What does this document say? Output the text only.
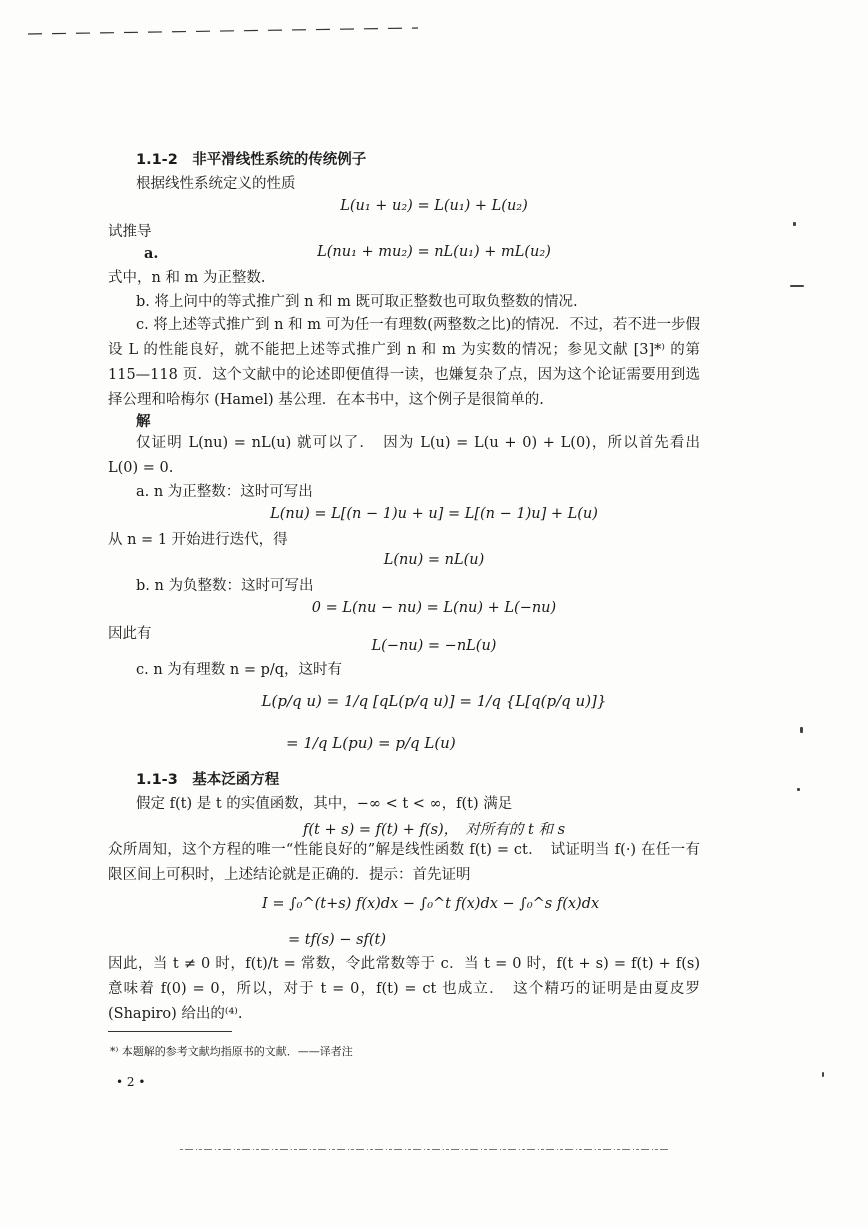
1.1-2　非平滑线性系统的传统例子
根据线性系统定义的性质
L(u₁ + u₂) = L(u₁) + L(u₂)
试推导
a.	L(nu₁ + mu₂) = nL(u₁) + mL(u₂)
式中，n 和 m 为正整数.
b. 将上问中的等式推广到 n 和 m 既可取正整数也可取负整数的情况.
c. 将上述等式推广到 n 和 m 可为任一有理数(两整数之比)的情况．不过，若不进一步假设 L 的性能良好，就不能把上述等式推广到 n 和 m 为实数的情况；参见文献 [3]*⁾ 的第 115—118 页．这个文献中的论述即便值得一读，也嫌复杂了点，因为这个论证需要用到选择公理和哈梅尔 (Hamel) 基公理．在本书中，这个例子是很简单的.
解
仅证明 L(nu) = nL(u) 就可以了．　因为 L(u) = L(u + 0) + L(0)，所以首先看出 L(0) = 0.
a. n 为正整数：这时可写出
L(nu) = L[(n − 1)u + u] = L[(n − 1)u] + L(u)
从 n = 1 开始进行迭代，得
L(nu) = nL(u)
b. n 为负整数：这时可写出
0 = L(nu − nu) = L(nu) + L(−nu)
因此有
L(−nu) = −nL(u)
c. n 为有理数 n = p/q，这时有
L(p/q u) = 1/q [qL(p/q u)] = 1/q {L[q(p/q u)]}
= 1/q L(pu) = p/q L(u)
1.1-3　基本泛函方程
假定 f(t) 是 t 的实值函数，其中，−∞ < t < ∞，f(t) 满足
f(t + s) = f(t) + f(s)，　对所有的 t 和 s
众所周知，这个方程的唯一“性能良好的”解是线性函数 f(t) = ct．　试证明当 f(·) 在任一有限区间上可积时，上述结论就是正确的．提示：首先证明
I = ∫₀^(t+s) f(x)dx − ∫₀^t f(x)dx − ∫₀^s f(x)dx
= tf(s) − sf(t)
因此，当 t ≠ 0 时，f(t)/t = 常数，令此常数等于 c．当 t = 0 时，f(t + s) = f(t) + f(s) 意味着 f(0) = 0，所以，对于 t = 0，f(t) = ct 也成立．　这个精巧的证明是由夏皮罗 (Shapiro) 给出的⁽⁴⁾.
*⁾ 本题解的参考文献均指原书的文献．——译者注
• 2 •
